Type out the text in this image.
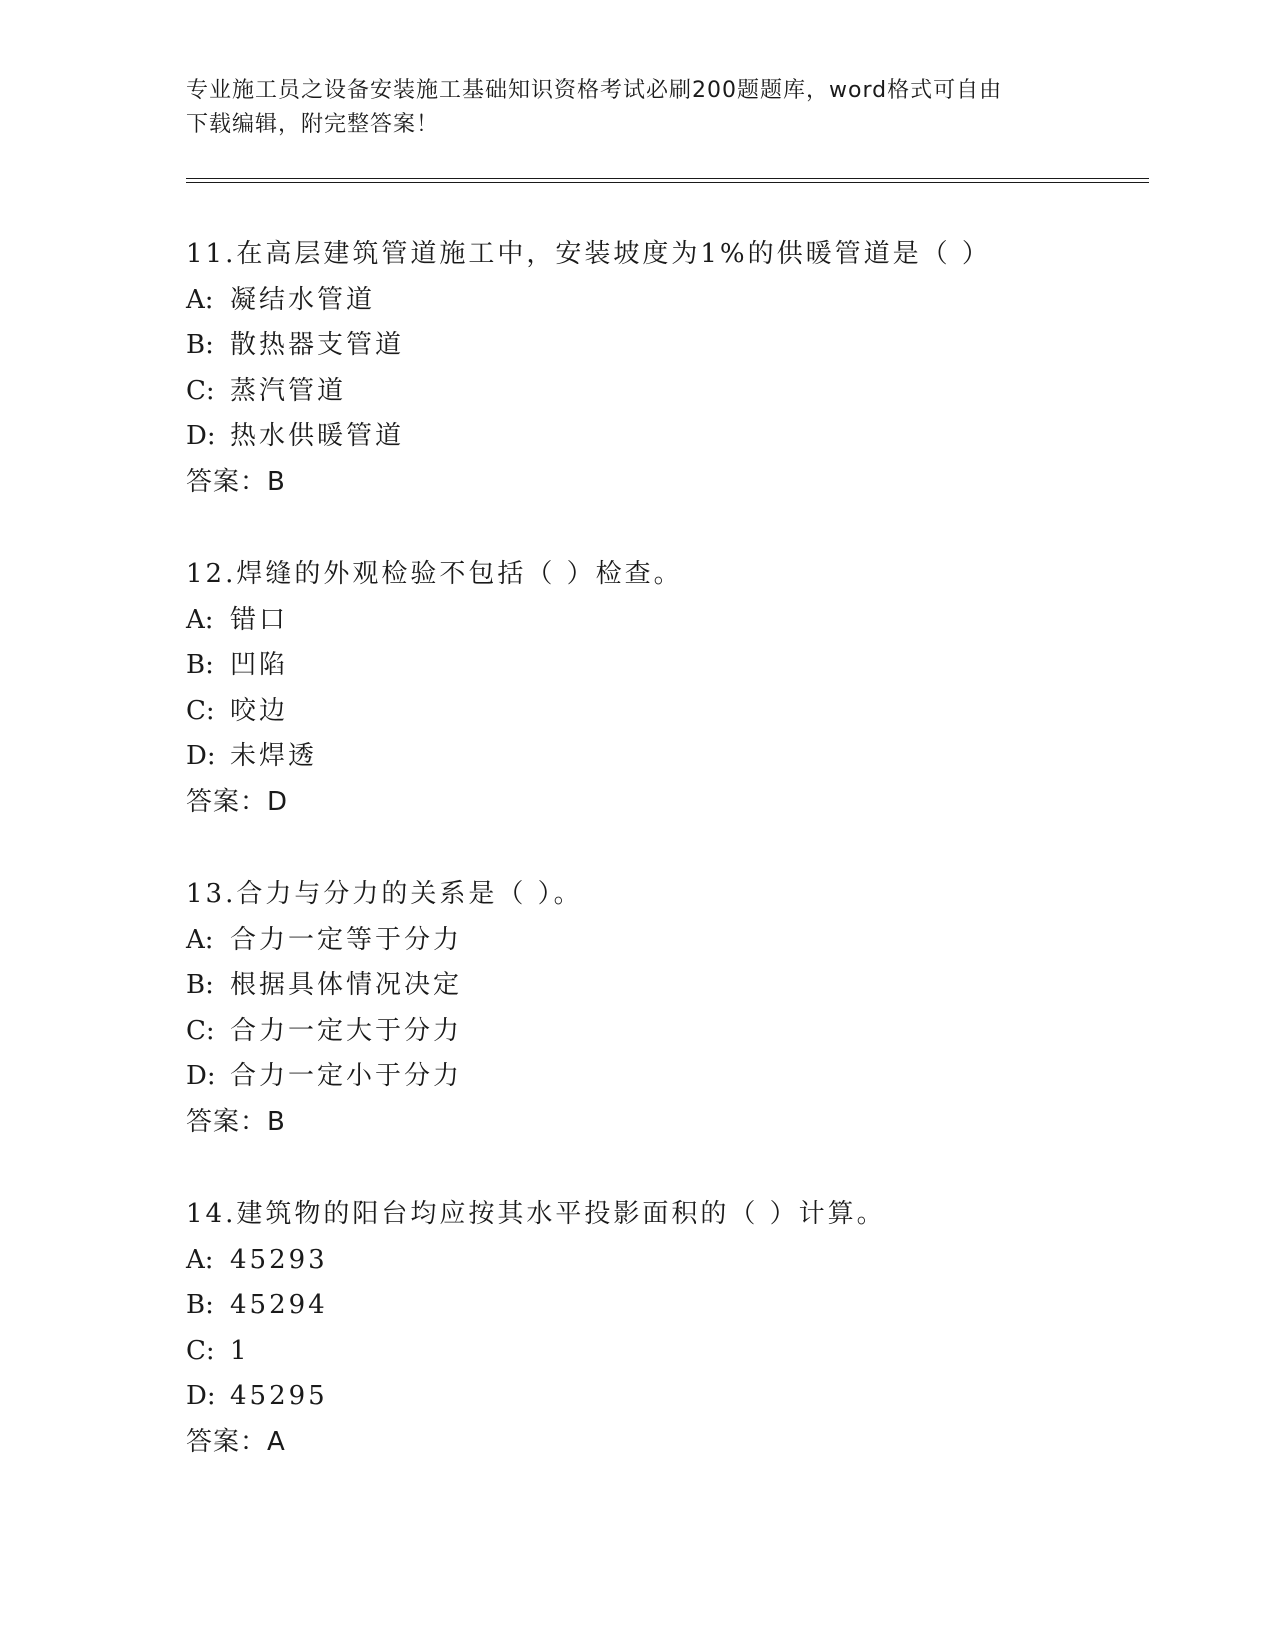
专业施工员之设备安装施工基础知识资格考试必刷200题题库，word格式可自由
下载编辑，附完整答案！
11.在高层建筑管道施工中，安装坡度为1%的供暖管道是（ ）
A: 凝结水管道
B: 散热器支管道
C: 蒸汽管道
D: 热水供暖管道
答案：B
12.焊缝的外观检验不包括（ ）检查。
A: 错口
B: 凹陷
C: 咬边
D: 未焊透
答案：D
13.合力与分力的关系是（ ）。
A: 合力一定等于分力
B: 根据具体情况决定
C: 合力一定大于分力
D: 合力一定小于分力
答案：B
14.建筑物的阳台均应按其水平投影面积的（ ）计算。
A: 45293
B: 45294
C: 1
D: 45295
答案：A
